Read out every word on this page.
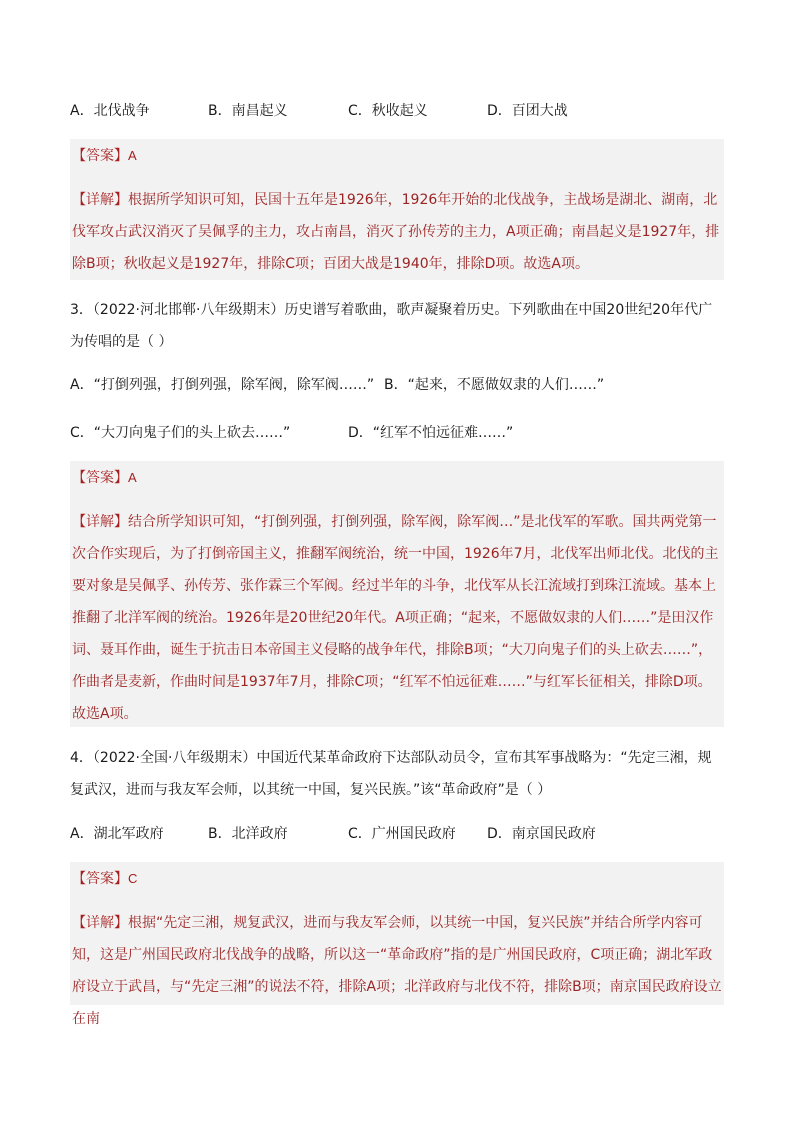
A．北伐战争	B．南昌起义	C．秋收起义	D．百团大战
【答案】A
【详解】根据所学知识可知，民国十五年是1926年，1926年开始的北伐战争，主战场是湖北、湖南，北伐军攻占武汉消灭了吴佩孚的主力，攻占南昌，消灭了孙传芳的主力，A项正确；南昌起义是1927年，排除B项；秋收起义是1927年，排除C项；百团大战是1940年，排除D项。故选A项。
3．（2022·河北邯郸·八年级期末）历史谱写着歌曲，歌声凝聚着历史。下列歌曲在中国20世纪20年代广为传唱的是（ ）
A．“打倒列强，打倒列强，除军阀，除军阀……” B．“起来，不愿做奴隶的人们……”
C．“大刀向鬼子们的头上砍去……”	D．“红军不怕远征难……”
【答案】A
【详解】结合所学知识可知，“打倒列强，打倒列强，除军阀，除军阀…”是北伐军的军歌。国共两党第一次合作实现后，为了打倒帝国主义，推翻军阀统治，统一中国，1926年7月，北伐军出师北伐。北伐的主要对象是吴佩孚、孙传芳、张作霖三个军阀。经过半年的斗争，北伐军从长江流域打到珠江流域。基本上推翻了北洋军阀的统治。1926年是20世纪20年代。A项正确；“起来，不愿做奴隶的人们……”是田汉作词、聂耳作曲，诞生于抗击日本帝国主义侵略的战争年代，排除B项；“大刀向鬼子们的头上砍去……”，作曲者是麦新，作曲时间是1937年7月，排除C项；“红军不怕远征难……”与红军长征相关，排除D项。故选A项。
4．（2022·全国·八年级期末）中国近代某革命政府下达部队动员令，宣布其军事战略为：“先定三湘，规复武汉，进而与我友军会师，以其统一中国，复兴民族。”该“革命政府”是（ ）
A．湖北军政府	B．北洋政府	C．广州国民政府 D．南京国民政府
【答案】C
【详解】根据“先定三湘，规复武汉，进而与我友军会师，以其统一中国，复兴民族”并结合所学内容可知，这是广州国民政府北伐战争的战略，所以这一“革命政府”指的是广州国民政府，C项正确；湖北军政府设立于武昌，与“先定三湘”的说法不符，排除A项；北洋政府与北伐不符，排除B项；南京国民政府设立在南
